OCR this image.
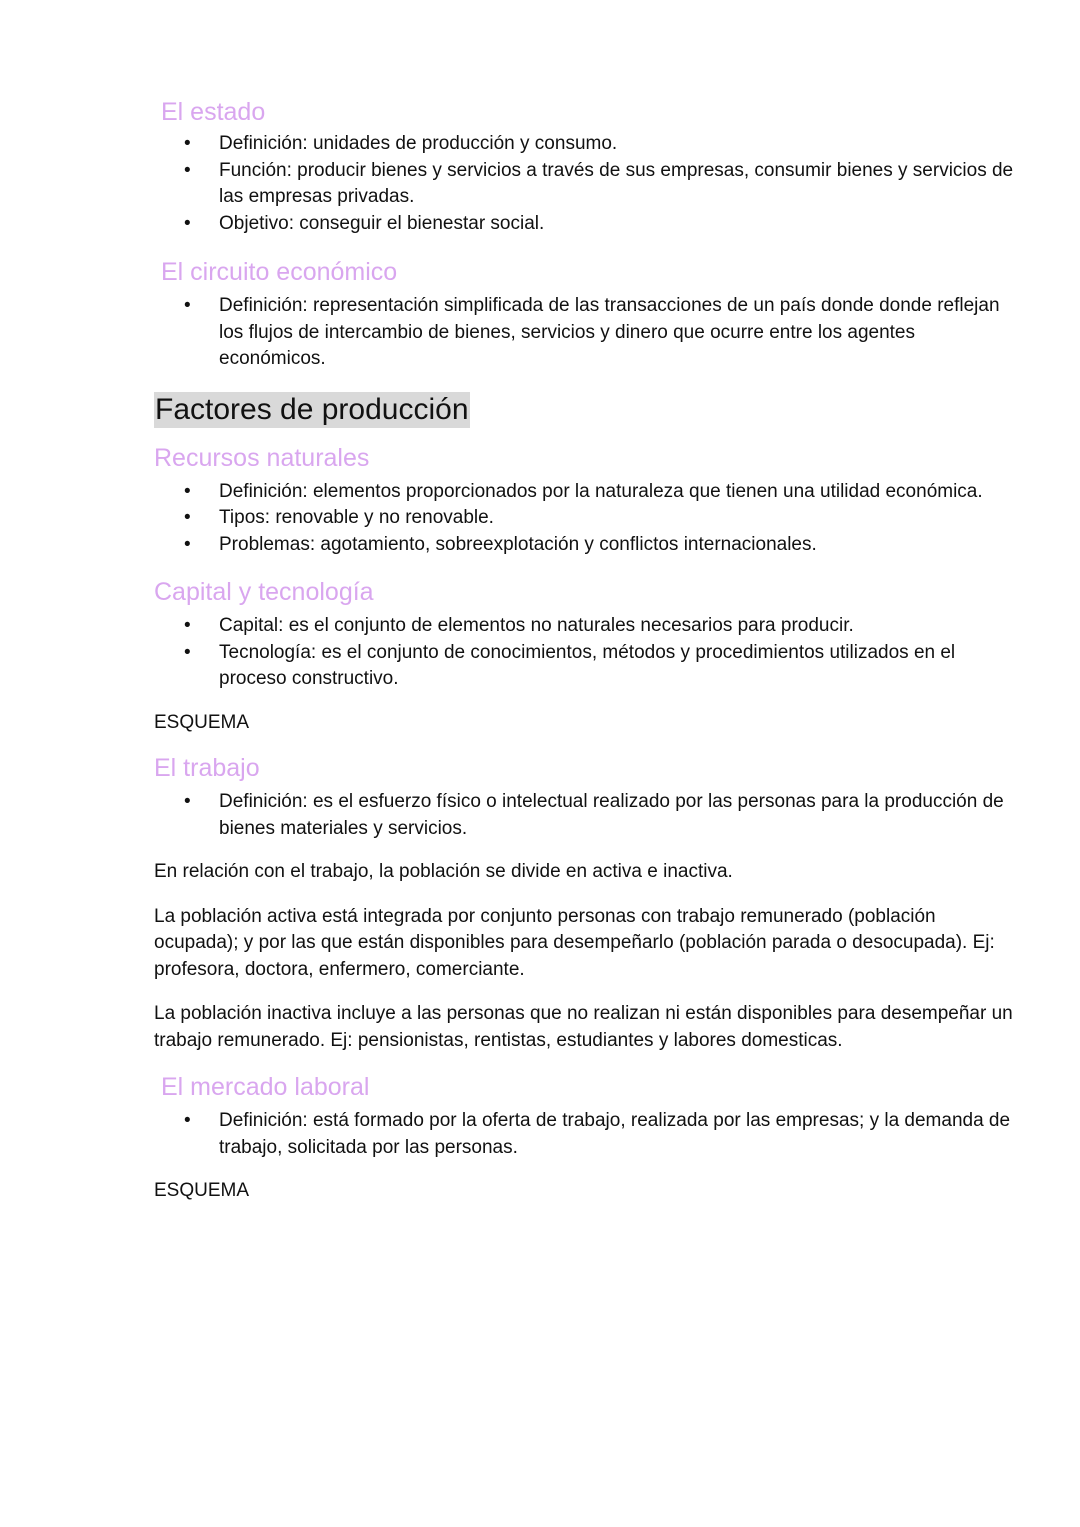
El estado
• Definición: unidades de producción y consumo.
• Función: producir bienes y servicios a través de sus empresas, consumir bienes y servicios de las empresas privadas.
• Objetivo: conseguir el bienestar social.
El circuito económico
• Definición: representación simplificada de las transacciones de un país donde donde reflejan los flujos de intercambio de bienes, servicios y dinero que ocurre entre los agentes económicos.
Factores de producción
Recursos naturales
• Definición: elementos proporcionados por la naturaleza que tienen una utilidad económica.
• Tipos: renovable y no renovable.
• Problemas: agotamiento, sobreexplotación y conflictos internacionales.
Capital y tecnología
• Capital: es el conjunto de elementos no naturales necesarios para producir.
• Tecnología: es el conjunto de conocimientos, métodos y procedimientos utilizados en el proceso constructivo.

ESQUEMA

El trabajo
• Definición: es el esfuerzo físico o intelectual realizado por las personas para la producción de bienes materiales y servicios.

En relación con el trabajo, la población se divide en activa e inactiva.

La población activa está integrada por conjunto personas con trabajo remunerado (población ocupada); y por las que están disponibles para desempeñarlo (población parada o desocupada). Ej: profesora, doctora, enfermero, comerciante.

La población inactiva incluye a las personas que no realizan ni están disponibles para desempeñar un trabajo remunerado. Ej: pensionistas, rentistas, estudiantes y labores domesticas.

El mercado laboral
• Definición: está formado por la oferta de trabajo, realizada por las empresas; y la demanda de trabajo, solicitada por las personas.

ESQUEMA
